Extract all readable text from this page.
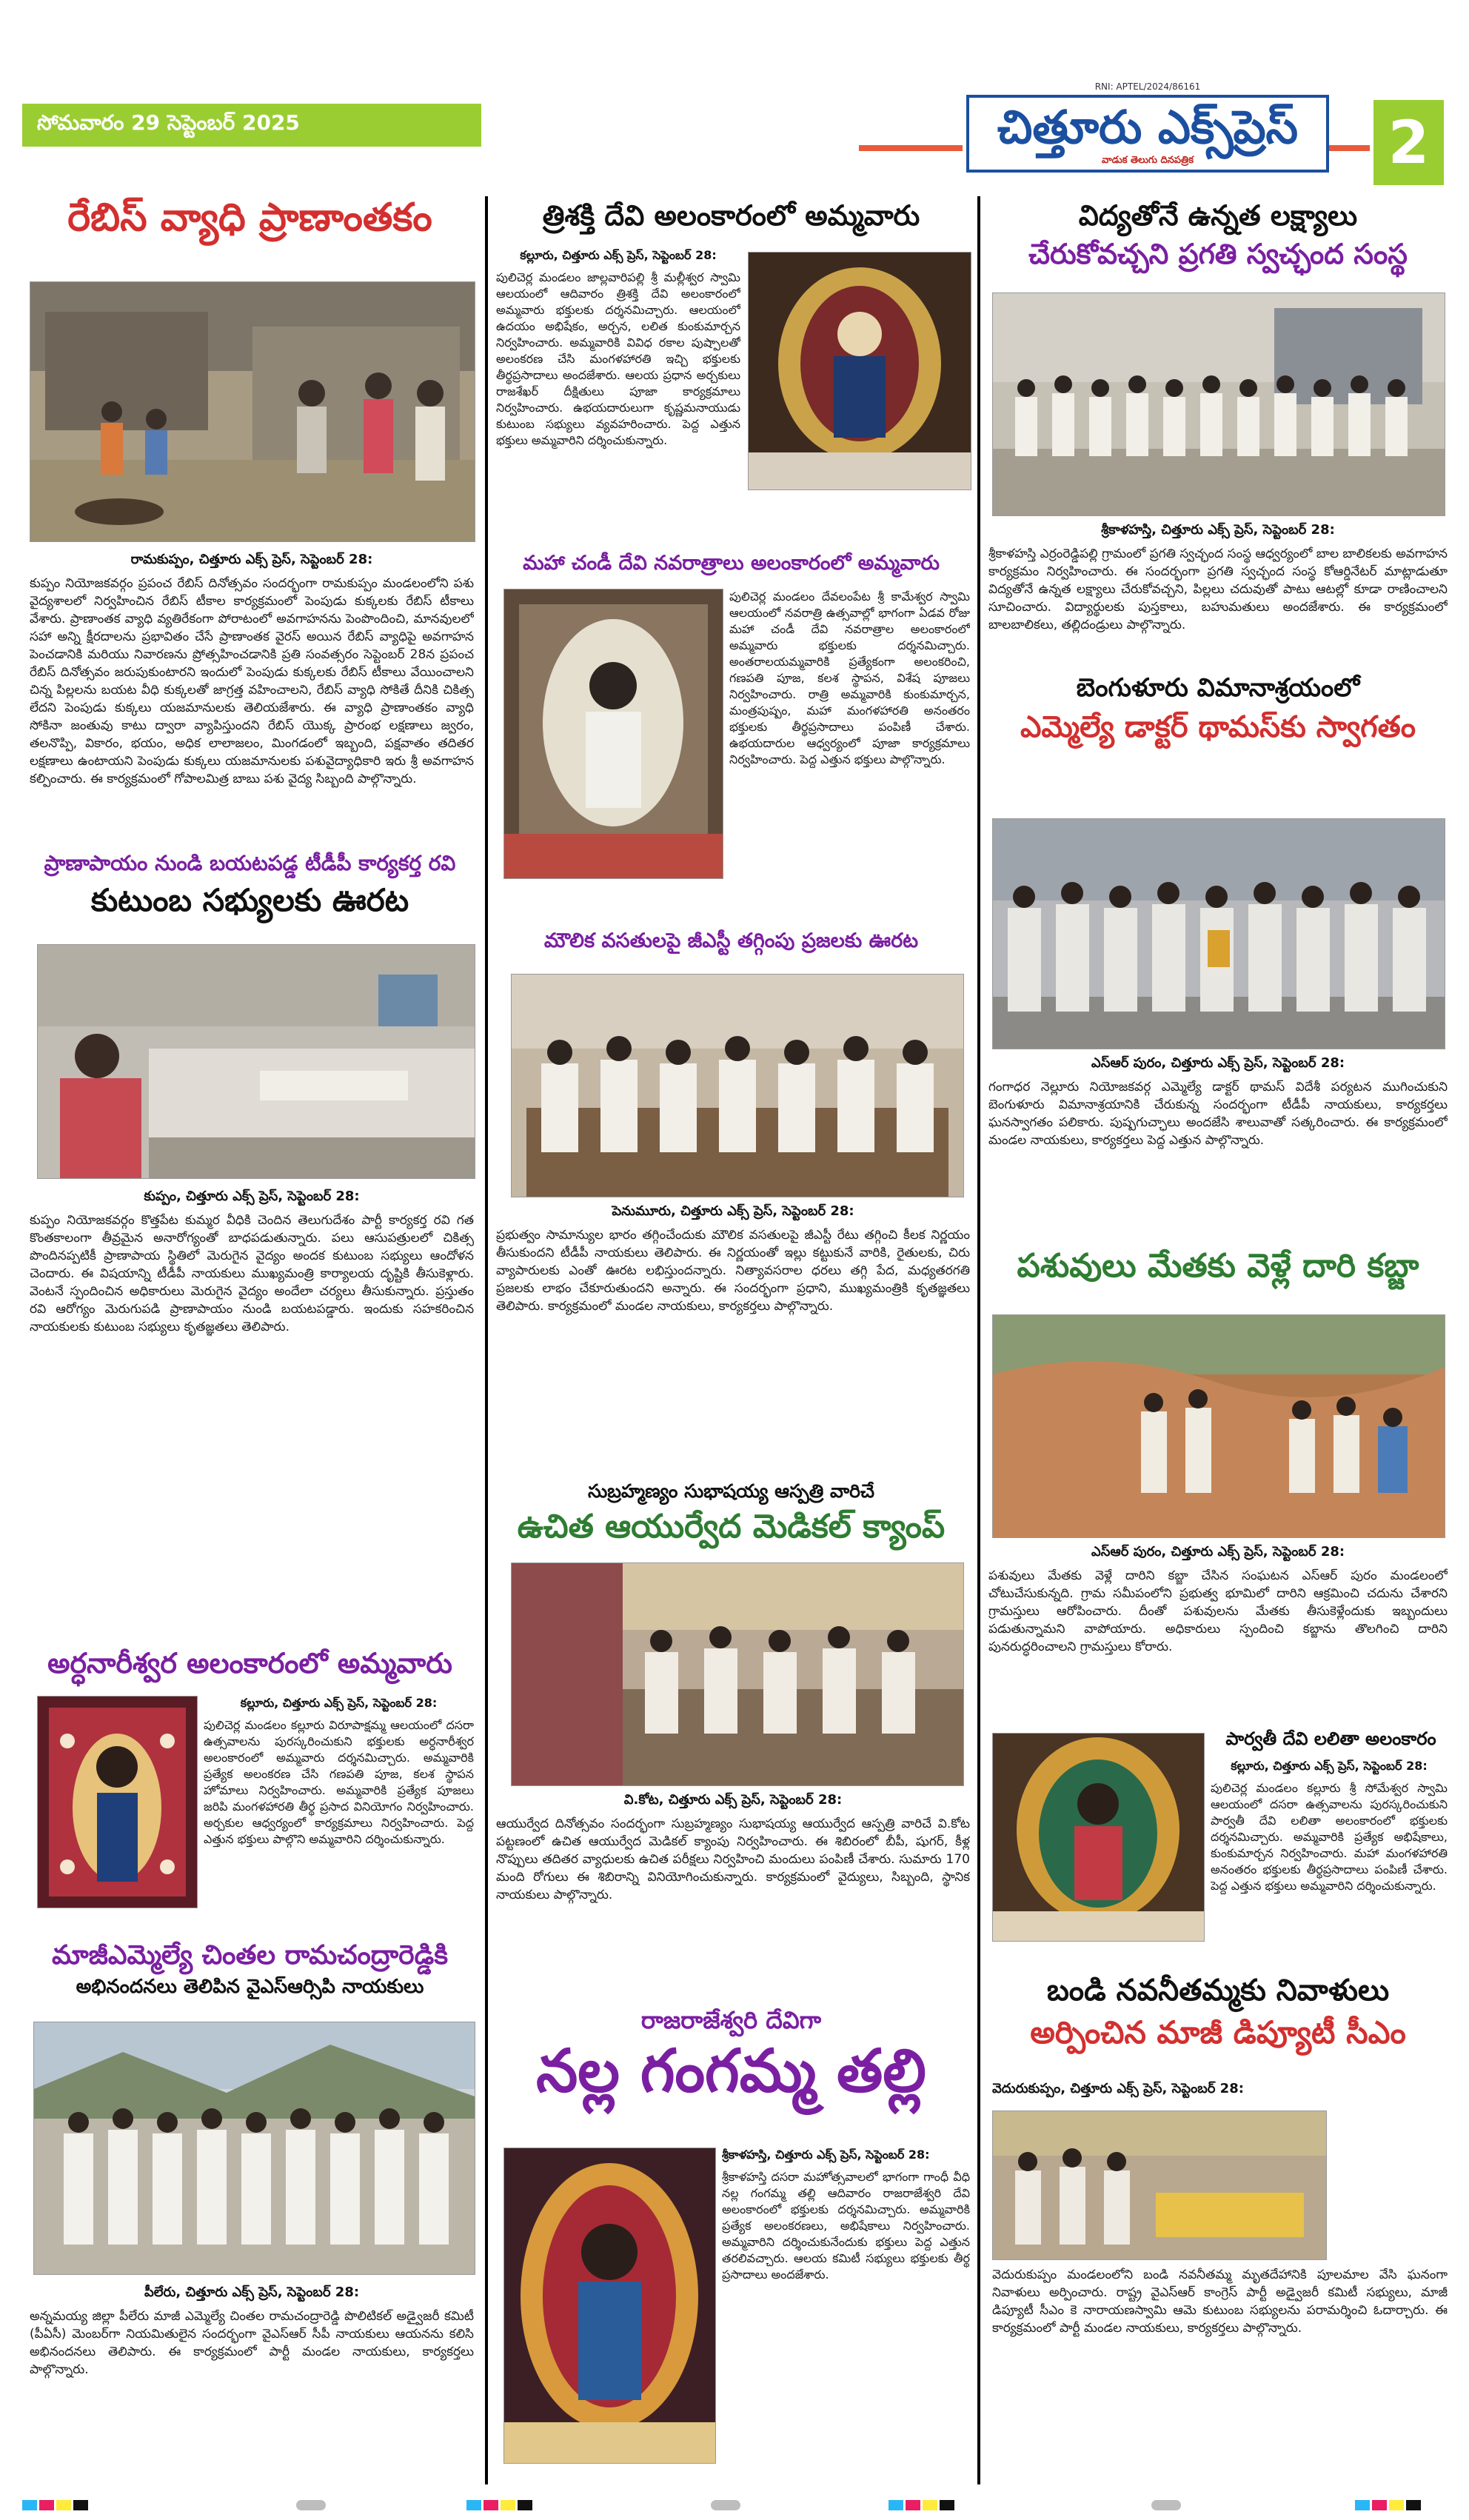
సోమవారం 29 సెప్టెంబర్ 2025
RNI: APTEL/2024/86161
చిత్తూరు ఎక్స్‌ప్రెస్
వాడుక తెలుగు దినపత్రిక	2
రేబిస్ వ్యాధి ప్రాణాంతకం
రామకుప్పం, చిత్తూరు ఎక్స్ ప్రెస్, సెప్టెంబర్ 28:
కుప్పం నియోజకవర్గం ప్రపంచ రేబిస్ దినోత్సవం సందర్భంగా రామకుప్పం మండలంలోని పశు వైద్యశాలలో నిర్వహించిన రేబిస్ టీకాల కార్యక్రమంలో పెంపుడు కుక్కలకు రేబిస్ టీకాలు వేశారు. ప్రాణాంతక వ్యాధి వ్యతిరేకంగా పోరాటంలో అవగాహనను పెంపొందించి, మానవులలో సహా అన్ని క్షీరదాలను ప్రభావితం చేసే ప్రాణాంతక వైరస్ అయిన రేబిస్ వ్యాధిపై అవగాహన పెంచడానికి మరియు నివారణను ప్రోత్సహించడానికి ప్రతి సంవత్సరం సెప్టెంబర్ 28న ప్రపంచ రేబిస్ దినోత్సవం జరుపుకుంటారని ఇందులో పెంపుడు కుక్కలకు రేబిస్ టీకాలు వేయించాలని చిన్న పిల్లలను బయట వీధి కుక్కలతో జాగ్రత్త వహించాలని, రేబిస్ వ్యాధి సోకితే దీనికి చికిత్స లేదని పెంపుడు కుక్కలు యజమానులకు తెలియజేశారు. ఈ వ్యాధి ప్రాణాంతకం వ్యాధి సోకినా జంతువు కాటు ద్వారా వ్యాపిస్తుందని రేబిస్ యొక్క ప్రారంభ లక్షణాలు జ్వరం, తలనొప్పి, వికారం, భయం, అధిక లాలాజలం, మింగడంలో ఇబ్బంది, పక్షవాతం తదితర లక్షణాలు ఉంటాయని పెంపుడు కుక్కలు యజమానులకు పశువైద్యాధికారి ఇరు శ్రీ అవగాహన కల్పించారు. ఈ కార్యక్రమంలో గోపాలమిత్ర బాబు పశు వైద్య సిబ్బంది పాల్గొన్నారు.
ప్రాణాపాయం నుండి బయటపడ్డ టీడీపీ కార్యకర్త రవి
కుటుంబ సభ్యులకు ఊరట
కుప్పం, చిత్తూరు ఎక్స్ ప్రెస్, సెప్టెంబర్ 28:
కుప్పం నియోజకవర్గం కొత్తపేట కుమ్మర వీధికి చెందిన తెలుగుదేశం పార్టీ కార్యకర్త రవి గత కొంతకాలంగా తీవ్రమైన అనారోగ్యంతో బాధపడుతున్నారు. పలు ఆసుపత్రులలో చికిత్స పొందినప్పటికీ ప్రాణాపాయ స్థితిలో మెరుగైన వైద్యం అందక కుటుంబ సభ్యులు ఆందోళన చెందారు. ఈ విషయాన్ని టీడీపీ నాయకులు ముఖ్యమంత్రి కార్యాలయ దృష్టికి తీసుకెళ్లారు. వెంటనే స్పందించిన అధికారులు మెరుగైన వైద్యం అందేలా చర్యలు తీసుకున్నారు. ప్రస్తుతం రవి ఆరోగ్యం మెరుగుపడి ప్రాణాపాయం నుండి బయటపడ్డారు. ఇందుకు సహకరించిన నాయకులకు కుటుంబ సభ్యులు కృతజ్ఞతలు తెలిపారు.
అర్ధనారీశ్వర అలంకారంలో అమ్మవారు
కల్లూరు, చిత్తూరు ఎక్స్ ప్రెస్, సెప్టెంబర్ 28:
పులిచెర్ల మండలం కల్లూరు విరూపాక్షమ్మ ఆలయంలో దసరా ఉత్సవాలను పురస్కరించుకుని భక్తులకు అర్ధనారీశ్వర అలంకారంలో అమ్మవారు దర్శనమిచ్చారు. అమ్మవారికి ప్రత్యేక అలంకరణ చేసి గణపతి పూజ, కలశ స్థాపన హోమాలు నిర్వహించారు. అమ్మవారికి ప్రత్యేక పూజలు జరిపి మంగళహారతి తీర్థ ప్రసాద వినియోగం నిర్వహించారు. అర్చకుల ఆధ్వర్యంలో కార్యక్రమాలు నిర్వహించారు. పెద్ద ఎత్తున భక్తులు పాల్గొని అమ్మవారిని దర్శించుకున్నారు.
మాజీఎమ్మెల్యే చింతల రామచంద్రారెడ్డికి
అభినందనలు తెలిపిన వైఎస్ఆర్సిపి నాయకులు
పీలేరు, చిత్తూరు ఎక్స్ ప్రెస్, సెప్టెంబర్ 28:
అన్నమయ్య జిల్లా పీలేరు మాజీ ఎమ్మెల్యే చింతల రామచంద్రారెడ్డి పొలిటికల్ అడ్వైజరీ కమిటీ (పీఏసీ) మెంబర్‌గా నియమితులైన సందర్భంగా వైఎస్ఆర్ సీపీ నాయకులు ఆయనను కలిసి అభినందనలు తెలిపారు. ఈ కార్యక్రమంలో పార్టీ మండల నాయకులు, కార్యకర్తలు పాల్గొన్నారు.
త్రిశక్తి దేవి అలంకారంలో అమ్మవారు
కల్లూరు, చిత్తూరు ఎక్స్ ప్రెస్, సెప్టెంబర్ 28:
పులిచెర్ల మండలం జాల్లవారిపల్లి శ్రీ మల్లీశ్వర స్వామి ఆలయంలో ఆదివారం త్రిశక్తి దేవి అలంకారంలో అమ్మవారు భక్తులకు దర్శనమిచ్చారు. ఆలయంలో ఉదయం అభిషేకం, అర్చన, లలిత కుంకుమార్చన నిర్వహించారు. అమ్మవారికి వివిధ రకాల పుష్పాలతో అలంకరణ చేసి మంగళహారతి ఇచ్చి భక్తులకు తీర్థప్రసాదాలు అందజేశారు. ఆలయ ప్రధాన అర్చకులు రాజశేఖర్ దీక్షితులు పూజా కార్యక్రమాలు నిర్వహించారు. ఉభయదారులుగా కృష్ణమనాయుడు కుటుంబ సభ్యులు వ్యవహరించారు. పెద్ద ఎత్తున భక్తులు అమ్మవారిని దర్శించుకున్నారు.
మహా చండీ దేవి నవరాత్రాలు అలంకారంలో అమ్మవారు
పులిచెర్ల మండలం దేవలంపేట శ్రీ కామేశ్వర స్వామి ఆలయంలో నవరాత్రి ఉత్సవాల్లో భాగంగా ఏడవ రోజు మహా చండీ దేవి నవరాత్రాల అలంకారంలో అమ్మవారు భక్తులకు దర్శనమిచ్చారు. అంతరాలయమ్మవారికి ప్రత్యేకంగా అలంకరించి, గణపతి పూజ, కలశ స్థాపన, విశేష పూజలు నిర్వహించారు. రాత్రి అమ్మవారికి కుంకుమార్చన, మంత్రపుష్పం, మహా మంగళహారతి అనంతరం భక్తులకు తీర్థప్రసాదాలు పంపిణీ చేశారు. ఉభయదారుల ఆధ్వర్యంలో పూజా కార్యక్రమాలు నిర్వహించారు. పెద్ద ఎత్తున భక్తులు పాల్గొన్నారు.
మౌలిక వసతులపై జీఎస్టీ తగ్గింపు ప్రజలకు ఊరట
పెనుమూరు, చిత్తూరు ఎక్స్ ప్రెస్, సెప్టెంబర్ 28:
ప్రభుత్వం సామాన్యుల భారం తగ్గించేందుకు మౌలిక వసతులపై జీఎస్టీ రేటు తగ్గించి కీలక నిర్ణయం తీసుకుందని టీడీపీ నాయకులు తెలిపారు. ఈ నిర్ణయంతో ఇల్లు కట్టుకునే వారికి, రైతులకు, చిరు వ్యాపారులకు ఎంతో ఊరట లభిస్తుందన్నారు. నిత్యావసరాల ధరలు తగ్గి పేద, మధ్యతరగతి ప్రజలకు లాభం చేకూరుతుందని అన్నారు. ఈ సందర్భంగా ప్రధాని, ముఖ్యమంత్రికి కృతజ్ఞతలు తెలిపారు. కార్యక్రమంలో మండల నాయకులు, కార్యకర్తలు పాల్గొన్నారు.
సుబ్రహ్మణ్యం సుభాషయ్య ఆస్పత్రి వారిచే
ఉచిత ఆయుర్వేద మెడికల్ క్యాంప్
వి.కోట, చిత్తూరు ఎక్స్ ప్రెస్, సెప్టెంబర్ 28:
ఆయుర్వేద దినోత్సవం సందర్భంగా సుబ్రహ్మణ్యం సుభాషయ్య ఆయుర్వేద ఆస్పత్రి వారిచే వి.కోట పట్టణంలో ఉచిత ఆయుర్వేద మెడికల్ క్యాంపు నిర్వహించారు. ఈ శిబిరంలో బీపీ, షుగర్, కీళ్ల నొప్పులు తదితర వ్యాధులకు ఉచిత పరీక్షలు నిర్వహించి మందులు పంపిణీ చేశారు. సుమారు 170 మంది రోగులు ఈ శిబిరాన్ని వినియోగించుకున్నారు. కార్యక్రమంలో వైద్యులు, సిబ్బంది, స్థానిక నాయకులు పాల్గొన్నారు.
రాజరాజేశ్వరి దేవిగా
నల్ల గంగమ్మ తల్లి
శ్రీకాళహస్తి, చిత్తూరు ఎక్స్ ప్రెస్, సెప్టెంబర్ 28:
శ్రీకాళహస్తి దసరా మహోత్సవాలలో భాగంగా గాంధీ వీధి నల్ల గంగమ్మ తల్లి ఆదివారం రాజరాజేశ్వరి దేవి అలంకారంలో భక్తులకు దర్శనమిచ్చారు. అమ్మవారికి ప్రత్యేక అలంకరణలు, అభిషేకాలు నిర్వహించారు. అమ్మవారిని దర్శించుకునేందుకు భక్తులు పెద్ద ఎత్తున తరలివచ్చారు. ఆలయ కమిటీ సభ్యులు భక్తులకు తీర్థ ప్రసాదాలు అందజేశారు.
విద్యతోనే ఉన్నత లక్ష్యాలు
చేరుకోవచ్చని ప్రగతి స్వచ్ఛంద సంస్థ
శ్రీకాళహస్తి, చిత్తూరు ఎక్స్ ప్రెస్, సెప్టెంబర్ 28:
శ్రీకాళహస్తి ఎర్రంరెడ్డిపల్లి గ్రామంలో ప్రగతి స్వచ్ఛంద సంస్థ ఆధ్వర్యంలో బాల బాలికలకు అవగాహన కార్యక్రమం నిర్వహించారు. ఈ సందర్భంగా ప్రగతి స్వచ్ఛంద సంస్థ కోఆర్డినేటర్ మాట్లాడుతూ విద్యతోనే ఉన్నత లక్ష్యాలు చేరుకోవచ్చని, పిల్లలు చదువుతో పాటు ఆటల్లో కూడా రాణించాలని సూచించారు. విద్యార్థులకు పుస్తకాలు, బహుమతులు అందజేశారు. ఈ కార్యక్రమంలో బాలబాలికలు, తల్లిదండ్రులు పాల్గొన్నారు.
బెంగుళూరు విమానాశ్రయంలో
ఎమ్మెల్యే డాక్టర్ థామస్‌కు స్వాగతం
ఎస్ఆర్ పురం, చిత్తూరు ఎక్స్ ప్రెస్, సెప్టెంబర్ 28:
గంగాధర నెల్లూరు నియోజకవర్గ ఎమ్మెల్యే డాక్టర్ థామస్ విదేశీ పర్యటన ముగించుకుని బెంగుళూరు విమానాశ్రయానికి చేరుకున్న సందర్భంగా టీడీపీ నాయకులు, కార్యకర్తలు ఘనస్వాగతం పలికారు. పుష్పగుచ్ఛాలు అందజేసి శాలువాతో సత్కరించారు. ఈ కార్యక్రమంలో మండల నాయకులు, కార్యకర్తలు పెద్ద ఎత్తున పాల్గొన్నారు.
పశువులు మేతకు వెళ్లే దారి కబ్జా
ఎస్ఆర్ పురం, చిత్తూరు ఎక్స్ ప్రెస్, సెప్టెంబర్ 28:
పశువులు మేతకు వెళ్లే దారిని కబ్జా చేసిన సంఘటన ఎస్ఆర్ పురం మండలంలో చోటుచేసుకున్నది. గ్రామ సమీపంలోని ప్రభుత్వ భూమిలో దారిని ఆక్రమించి చదును చేశారని గ్రామస్తులు ఆరోపించారు. దీంతో పశువులను మేతకు తీసుకెళ్లేందుకు ఇబ్బందులు పడుతున్నామని వాపోయారు. అధికారులు స్పందించి కబ్జాను తొలగించి దారిని పునరుద్ధరించాలని గ్రామస్తులు కోరారు.
పార్వతీ దేవి లలితా అలంకారం
కల్లూరు, చిత్తూరు ఎక్స్ ప్రెస్, సెప్టెంబర్ 28:
పులిచెర్ల మండలం కల్లూరు శ్రీ సోమేశ్వర స్వామి ఆలయంలో దసరా ఉత్సవాలను పురస్కరించుకుని పార్వతీ దేవి లలితా అలంకారంలో భక్తులకు దర్శనమిచ్చారు. అమ్మవారికి ప్రత్యేక అభిషేకాలు, కుంకుమార్చన నిర్వహించారు. మహా మంగళహారతి అనంతరం భక్తులకు తీర్థప్రసాదాలు పంపిణీ చేశారు. పెద్ద ఎత్తున భక్తులు అమ్మవారిని దర్శించుకున్నారు.
బండి నవనీతమ్మకు నివాళులు
అర్పించిన మాజీ డిప్యూటీ సీఎం
వెదురుకుప్పం, చిత్తూరు ఎక్స్ ప్రెస్, సెప్టెంబర్ 28:
వెదురుకుప్పం మండలంలోని బండి నవనీతమ్మ మృతదేహానికి పూలమాల వేసి ఘనంగా నివాళులు అర్పించారు. రాష్ట్ర వైఎస్ఆర్ కాంగ్రెస్ పార్టీ అడ్వైజరీ కమిటీ సభ్యులు, మాజీ డిప్యూటీ సీఎం కె నారాయణస్వామి ఆమె కుటుంబ సభ్యులను పరామర్శించి ఓదార్చారు. ఈ కార్యక్రమంలో పార్టీ మండల నాయకులు, కార్యకర్తలు పాల్గొన్నారు.
